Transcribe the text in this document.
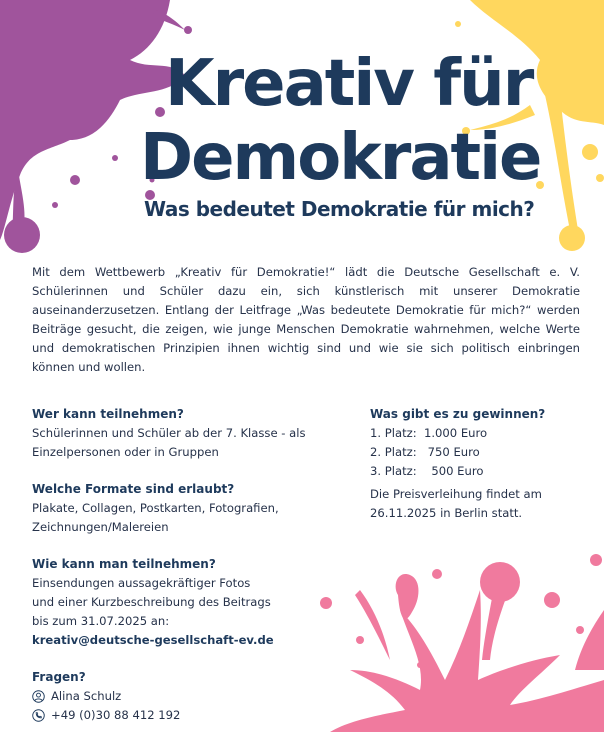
Kreativ für
Demokratie
Was bedeutet Demokratie für mich?

Mit dem Wettbewerb „Kreativ für Demokratie!“ lädt die Deutsche Gesellschaft e. V. Schülerinnen und Schüler dazu ein, sich künstlerisch mit unserer Demokratie auseinanderzusetzen. Entlang der Leitfrage „Was bedeutete Demokratie für mich?“ werden Beiträge gesucht, die zeigen, wie junge Menschen Demokratie wahrnehmen, welche Werte und demokratischen Prinzipien ihnen wichtig sind und wie sie sich politisch einbringen können und wollen.

Wer kann teilnehmen?

Schülerinnen und Schüler ab der 7. Klasse - als Einzelpersonen oder in Gruppen

Welche Formate sind erlaubt?

Plakate, Collagen, Postkarten, Fotografien, Zeichnungen/Malereien

Wie kann man teilnehmen?

Einsendungen aussagekräftiger Fotos

und einer Kurzbeschreibung des Beitrags

bis zum 31.07.2025 an:

kreativ@deutsche-gesellschaft-ev.de

Fragen?
Alina Schulz
+49 (0)30 88 412 192
Was gibt es zu gewinnen?
1. Platz: 1.000 Euro
2. Platz: 750 Euro
3. Platz: 500 Euro

Die Preisverleihung findet am 26.11.2025 in Berlin statt.
